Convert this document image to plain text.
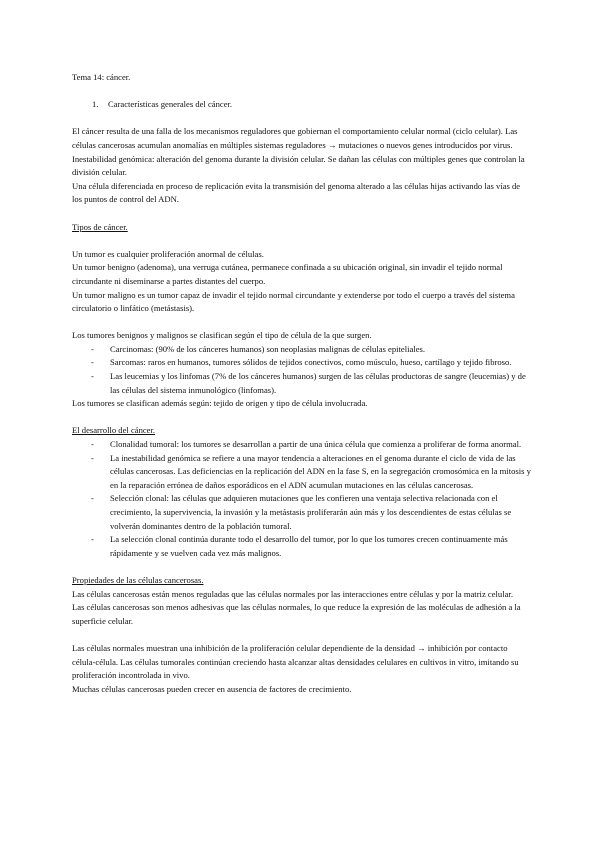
Tema 14: cáncer.

1.	Características generales del cáncer.

El cáncer resulta de una falla de los mecanismos reguladores que gobiernan el comportamiento celular normal (ciclo celular). Las células cancerosas acumulan anomalías en múltiples sistemas reguladores → mutaciones o nuevos genes introducidos por virus.

Inestabilidad genómica: alteración del genoma durante la división celular. Se dañan las células con múltiples genes que controlan la división celular.

Una célula diferenciada en proceso de replicación evita la transmisión del genoma alterado a las células hijas activando las vías de los puntos de control del ADN.

Tipos de cáncer.

Un tumor es cualquier proliferación anormal de células.

Un tumor benigno (adenoma), una verruga cutánea, permanece confinada a su ubicación original, sin invadir el tejido normal circundante ni diseminarse a partes distantes del cuerpo.

Un tumor maligno es un tumor capaz de invadir el tejido normal circundante y extenderse por todo el cuerpo a través del sistema circulatorio o linfático (metástasis).

Los tumores benignos y malignos se clasifican según el tipo de célula de la que surgen.

-	Carcinomas: (90% de los cánceres humanos) son neoplasias malignas de células epiteliales.
-	Sarcomas: raros en humanos, tumores sólidos de tejidos conectivos, como músculo, hueso, cartílago y tejido fibroso.
-	Las leucemias y los linfomas (7% de los cánceres humanos) surgen de las células productoras de sangre (leucemias) y de las células del sistema inmunológico (linfomas).

Los tumores se clasifican además según: tejido de origen y tipo de célula involucrada.

El desarrollo del cáncer.

-	Clonalidad tumoral: los tumores se desarrollan a partir de una única célula que comienza a proliferar de forma anormal.
-	La inestabilidad genómica se refiere a una mayor tendencia a alteraciones en el genoma durante el ciclo de vida de las células cancerosas. Las deficiencias en la replicación del ADN en la fase S, en la segregación cromosómica en la mitosis y en la reparación errónea de daños esporádicos en el ADN acumulan mutaciones en las células cancerosas.
-	Selección clonal: las células que adquieren mutaciones que les confieren una ventaja selectiva relacionada con el crecimiento, la supervivencia, la invasión y la metástasis proliferarán aún más y los descendientes de estas células se volverán dominantes dentro de la población tumoral.
-	La selección clonal continúa durante todo el desarrollo del tumor, por lo que los tumores crecen continuamente más rápidamente y se vuelven cada vez más malignos.

Propiedades de las células cancerosas.

Las células cancerosas están menos reguladas que las células normales por las interacciones entre células y por la matriz celular.

Las células cancerosas son menos adhesivas que las células normales, lo que reduce la expresión de las moléculas de adhesión a la superficie celular.

Las células normales muestran una inhibición de la proliferación celular dependiente de la densidad → inhibición por contacto célula-célula. Las células tumorales continúan creciendo hasta alcanzar altas densidades celulares en cultivos in vitro, imitando su proliferación incontrolada in vivo.

Muchas células cancerosas pueden crecer en ausencia de factores de crecimiento.
